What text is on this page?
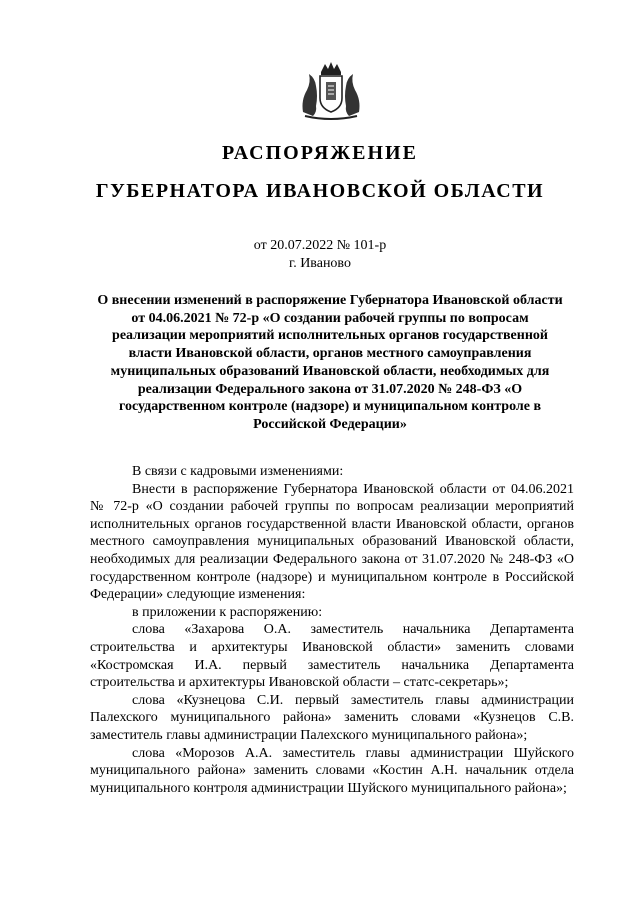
РАСПОРЯЖЕНИЕ
ГУБЕРНАТОРА ИВАНОВСКОЙ ОБЛАСТИ
от 20.07.2022 № 101-р
г. Иваново
О внесении изменений в распоряжение Губернатора Ивановской области от 04.06.2021 № 72-р «О создании рабочей группы по вопросам реализации мероприятий исполнительных органов государственной власти Ивановской области, органов местного самоуправления муниципальных образований Ивановской области, необходимых для реализации Федерального закона от 31.07.2020 № 248-ФЗ «О государственном контроле (надзоре) и муниципальном контроле в Российской Федерации»

В связи с кадровыми изменениями:

Внести в распоряжение Губернатора Ивановской области от 04.06.2021 № 72-р «О создании рабочей группы по вопросам реализации мероприятий исполнительных органов государственной власти Ивановской области, органов местного самоуправления муниципальных образований Ивановской области, необходимых для реализации Федерального закона от 31.07.2020 № 248-ФЗ «О государственном контроле (надзоре) и муниципальном контроле в Российской Федерации» следующие изменения:

в приложении к распоряжению:

слова «Захарова О.А. заместитель начальника Департамента строительства и архитектуры Ивановской области» заменить словами «Костромская И.А. первый заместитель начальника Департамента строительства и архитектуры Ивановской области – статс-секретарь»;

слова «Кузнецова С.И. первый заместитель главы администрации Палехского муниципального района» заменить словами «Кузнецов С.В. заместитель главы администрации Палехского муниципального района»;

слова «Морозов А.А. заместитель главы администрации Шуйского муниципального района» заменить словами «Костин А.Н. начальник отдела муниципального контроля администрации Шуйского муниципального района»;
